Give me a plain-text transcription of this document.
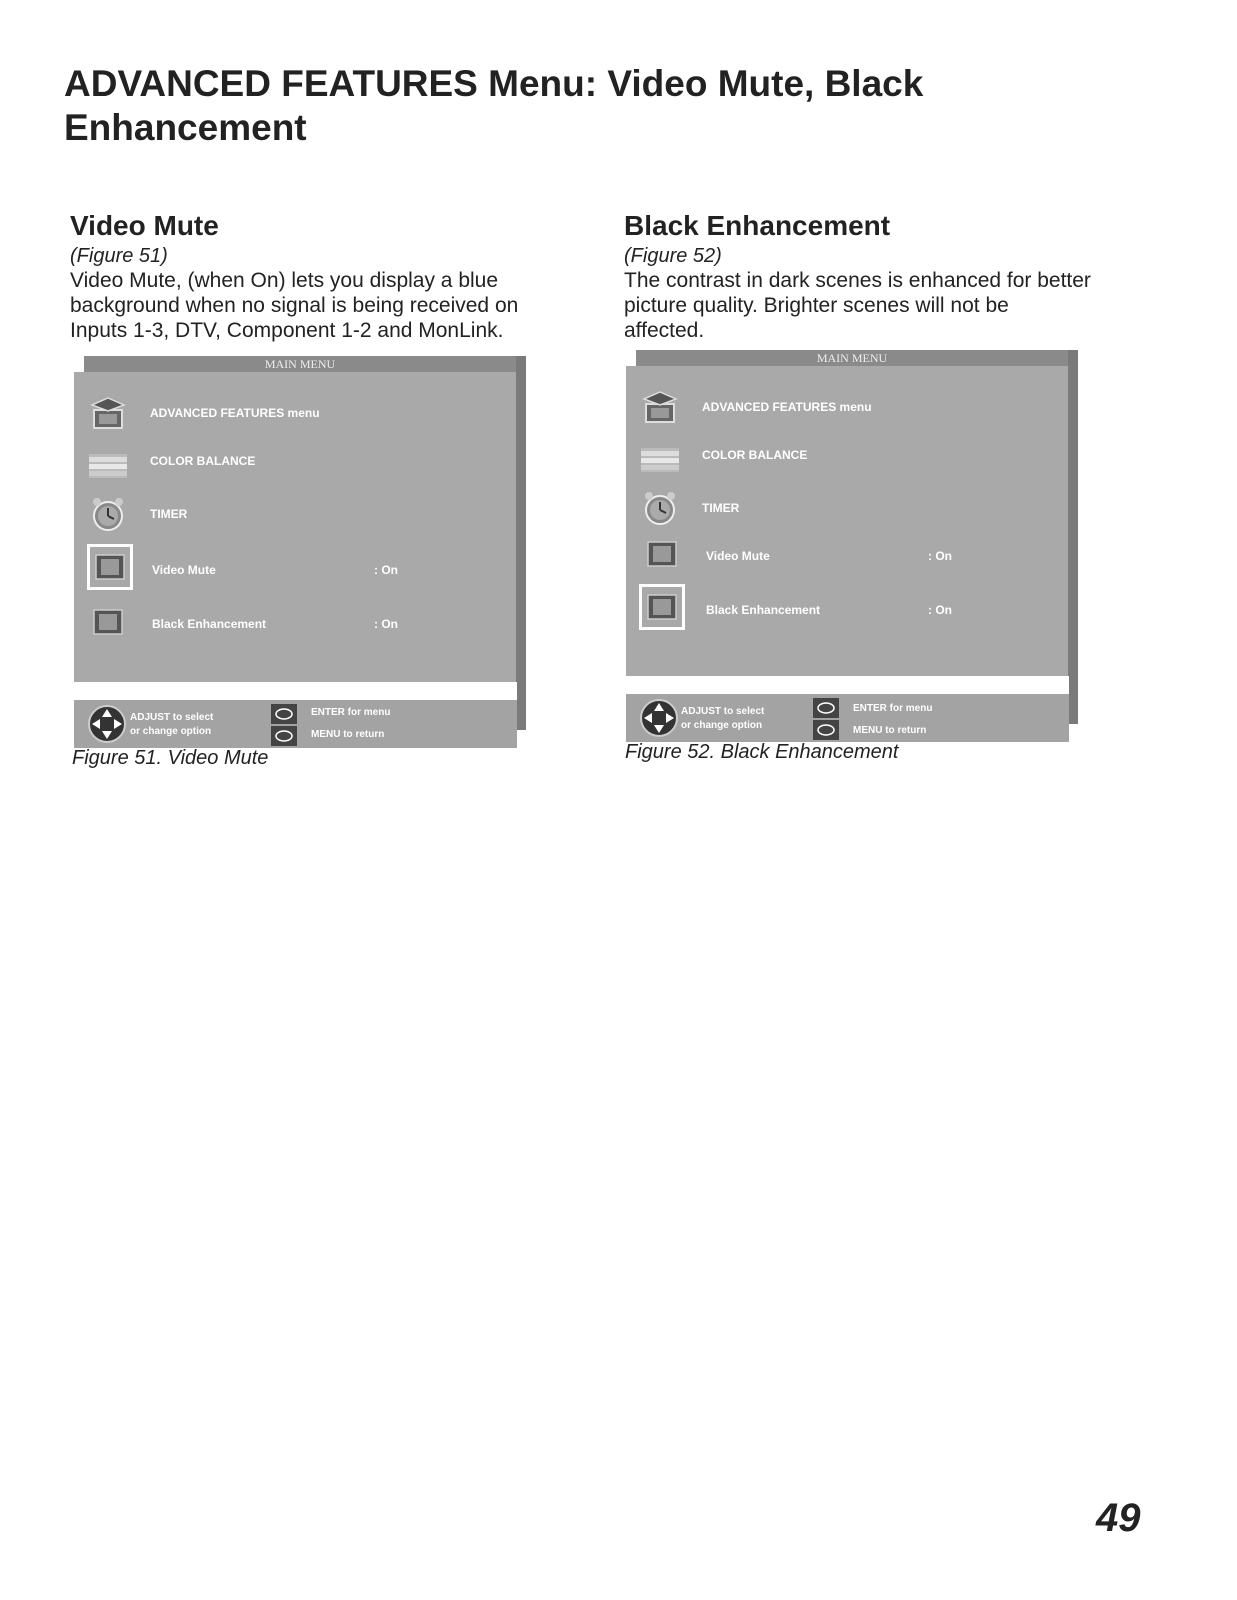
ADVANCED FEATURES Menu: Video Mute, Black Enhancement
Video Mute

(Figure 51)

Video Mute, (when On) lets you display a blue background when no signal is being received on Inputs 1-3, DTV, Component 1-2 and MonLink.

Black Enhancement

(Figure 52)

The contrast in dark scenes is enhanced for better picture quality. Brighter scenes will not be affected.

MAIN MENU
ADVANCED FEATURES menu
COLOR BALANCE
TIMER
Video Mute	: On
Black Enhancement	: On
ADJUST to select
or change option
ENTER for menu
MENU to return
Figure 51. Video Mute
MAIN MENU
ADVANCED FEATURES menu
COLOR BALANCE
TIMER
Video Mute	: On
Black Enhancement	: On
ADJUST to select
or change option
ENTER for menu
MENU to return
Figure 52. Black Enhancement
49
